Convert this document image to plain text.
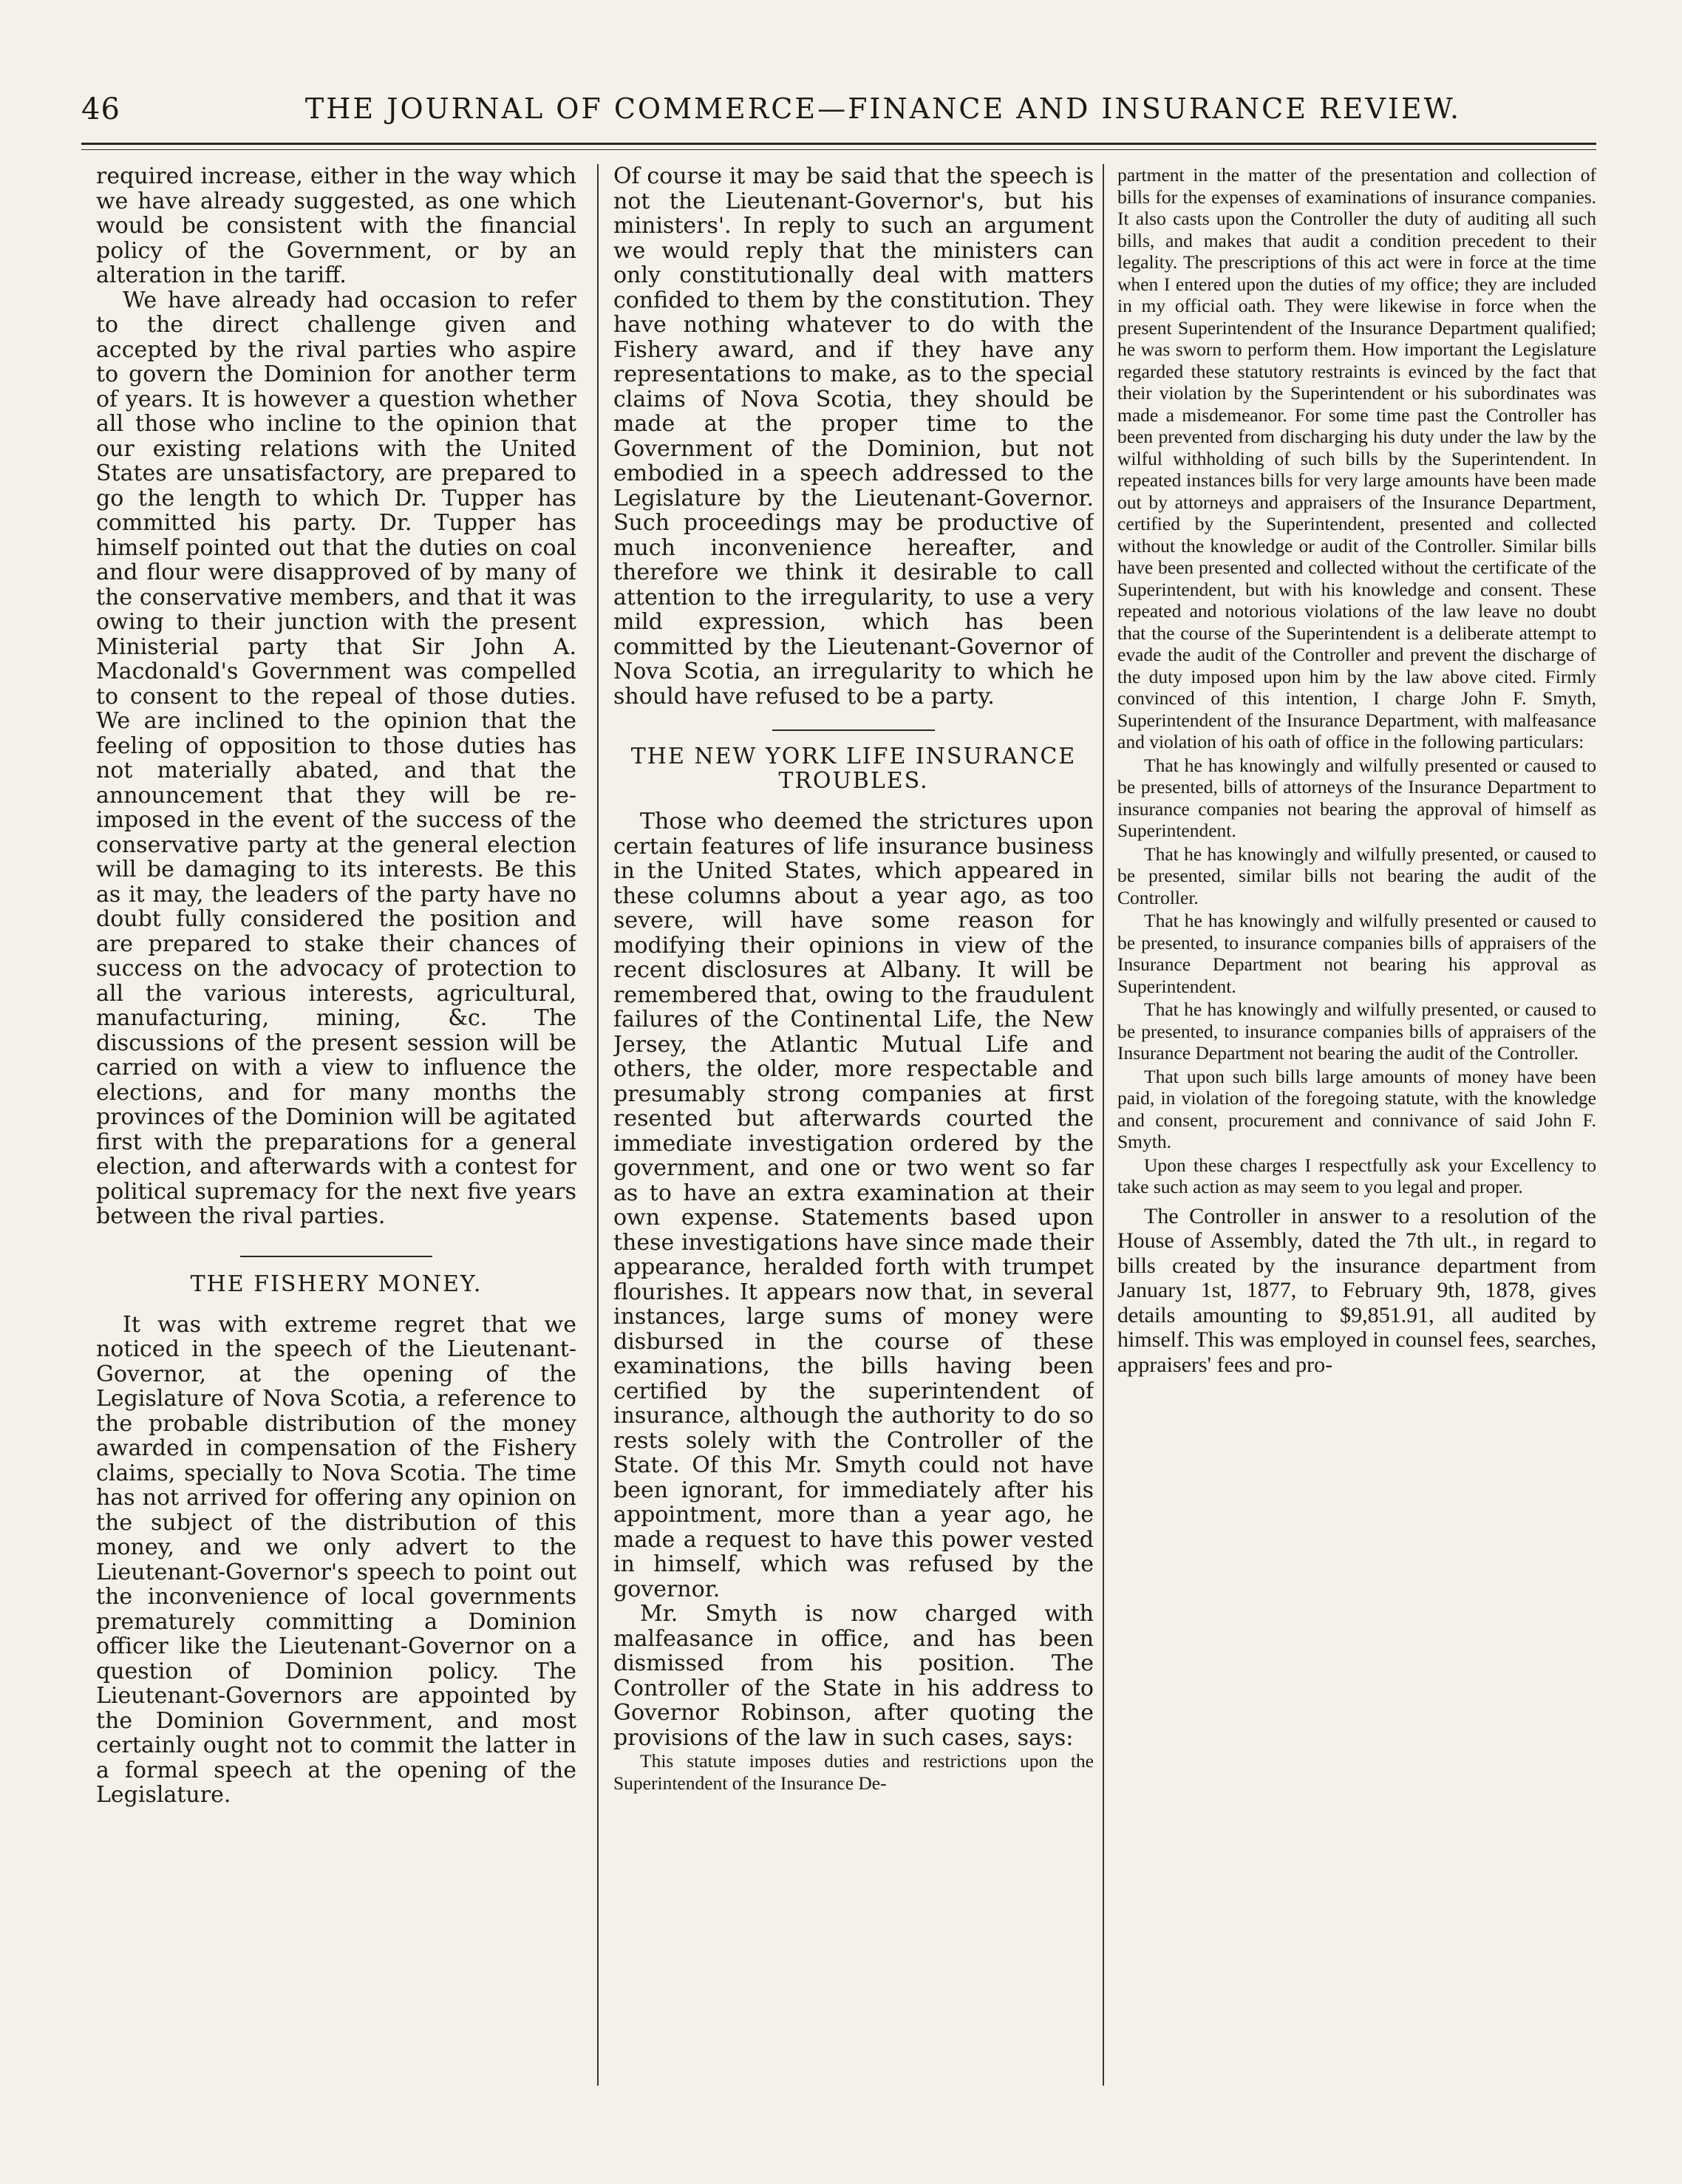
46	THE JOURNAL OF COMMERCE—FINANCE AND INSURANCE REVIEW.

required increase, either in the way which we have already suggested, as one which would be consistent with the financial policy of the Government, or by an alteration in the tariff.

We have already had occasion to refer to the direct challenge given and accepted by the rival parties who aspire to govern the Dominion for another term of years. It is however a question whether all those who incline to the opinion that our existing relations with the United States are unsatisfactory, are prepared to go the length to which Dr. Tupper has committed his party. Dr. Tupper has himself pointed out that the duties on coal and flour were disapproved of by many of the conservative members, and that it was owing to their junction with the present Ministerial party that Sir John A. Macdonald's Government was compelled to consent to the repeal of those duties. We are inclined to the opinion that the feeling of opposition to those duties has not materially abated, and that the announcement that they will be re-imposed in the event of the success of the conservative party at the general election will be damaging to its interests. Be this as it may, the leaders of the party have no doubt fully considered the position and are prepared to stake their chances of success on the advocacy of protection to all the various interests, agricultural, manufacturing, mining, &c. The discussions of the present session will be carried on with a view to influence the elections, and for many months the provinces of the Dominion will be agitated first with the preparations for a general election, and afterwards with a contest for political supremacy for the next five years between the rival parties.

THE FISHERY MONEY.

It was with extreme regret that we noticed in the speech of the Lieutenant-Governor, at the opening of the Legislature of Nova Scotia, a reference to the probable distribution of the money awarded in compensation of the Fishery claims, specially to Nova Scotia. The time has not arrived for offering any opinion on the subject of the distribution of this money, and we only advert to the Lieutenant-Governor's speech to point out the inconvenience of local governments prematurely committing a Dominion officer like the Lieutenant-Governor on a question of Dominion policy. The Lieutenant-Governors are appointed by the Dominion Government, and most certainly ought not to commit the latter in a formal speech at the opening of the Legislature.

Of course it may be said that the speech is not the Lieutenant-Governor's, but his ministers'. In reply to such an argument we would reply that the ministers can only constitutionally deal with matters confided to them by the constitution. They have nothing whatever to do with the Fishery award, and if they have any representations to make, as to the special claims of Nova Scotia, they should be made at the proper time to the Government of the Dominion, but not embodied in a speech addressed to the Legislature by the Lieutenant-Governor. Such proceedings may be productive of much inconvenience hereafter, and therefore we think it desirable to call attention to the irregularity, to use a very mild expression, which has been committed by the Lieutenant-Governor of Nova Scotia, an irregularity to which he should have refused to be a party.

THE NEW YORK LIFE INSURANCE TROUBLES.

Those who deemed the strictures upon certain features of life insurance business in the United States, which appeared in these columns about a year ago, as too severe, will have some reason for modifying their opinions in view of the recent disclosures at Albany. It will be remembered that, owing to the fraudulent failures of the Continental Life, the New Jersey, the Atlantic Mutual Life and others, the older, more respectable and presumably strong companies at first resented but afterwards courted the immediate investigation ordered by the government, and one or two went so far as to have an extra examination at their own expense. Statements based upon these investigations have since made their appearance, heralded forth with trumpet flourishes. It appears now that, in several instances, large sums of money were disbursed in the course of these examinations, the bills having been certified by the superintendent of insurance, although the authority to do so rests solely with the Controller of the State. Of this Mr. Smyth could not have been ignorant, for immediately after his appointment, more than a year ago, he made a request to have this power vested in himself, which was refused by the governor.

Mr. Smyth is now charged with malfeasance in office, and has been dismissed from his position. The Controller of the State in his address to Governor Robinson, after quoting the provisions of the law in such cases, says:

This statute imposes duties and restrictions upon the Superintendent of the Insurance De-

partment in the matter of the presentation and collection of bills for the expenses of examinations of insurance companies. It also casts upon the Controller the duty of auditing all such bills, and makes that audit a condition precedent to their legality. The prescriptions of this act were in force at the time when I entered upon the duties of my office; they are included in my official oath. They were likewise in force when the present Superintendent of the Insurance Department qualified; he was sworn to perform them. How important the Legislature regarded these statutory restraints is evinced by the fact that their violation by the Superintendent or his subordinates was made a misdemeanor. For some time past the Controller has been prevented from discharging his duty under the law by the wilful withholding of such bills by the Superintendent. In repeated instances bills for very large amounts have been made out by attorneys and appraisers of the Insurance Department, certified by the Superintendent, presented and collected without the knowledge or audit of the Controller. Similar bills have been presented and collected without the certificate of the Superintendent, but with his knowledge and consent. These repeated and notorious violations of the law leave no doubt that the course of the Superintendent is a deliberate attempt to evade the audit of the Controller and prevent the discharge of the duty imposed upon him by the law above cited. Firmly convinced of this intention, I charge John F. Smyth, Superintendent of the Insurance Department, with malfeasance and violation of his oath of office in the following particulars:

That he has knowingly and wilfully presented or caused to be presented, bills of attorneys of the Insurance Department to insurance companies not bearing the approval of himself as Superintendent.

That he has knowingly and wilfully presented, or caused to be presented, similar bills not bearing the audit of the Controller.

That he has knowingly and wilfully presented or caused to be presented, to insurance companies bills of appraisers of the Insurance Department not bearing his approval as Superintendent.

That he has knowingly and wilfully presented, or caused to be presented, to insurance companies bills of appraisers of the Insurance Department not bearing the audit of the Controller.

That upon such bills large amounts of money have been paid, in violation of the foregoing statute, with the knowledge and consent, procurement and connivance of said John F. Smyth.

Upon these charges I respectfully ask your Excellency to take such action as may seem to you legal and proper.

The Controller in answer to a resolution of the House of Assembly, dated the 7th ult., in regard to bills created by the insurance department from January 1st, 1877, to February 9th, 1878, gives details amounting to $9,851.91, all audited by himself. This was employed in counsel fees, searches, appraisers' fees and pro-
